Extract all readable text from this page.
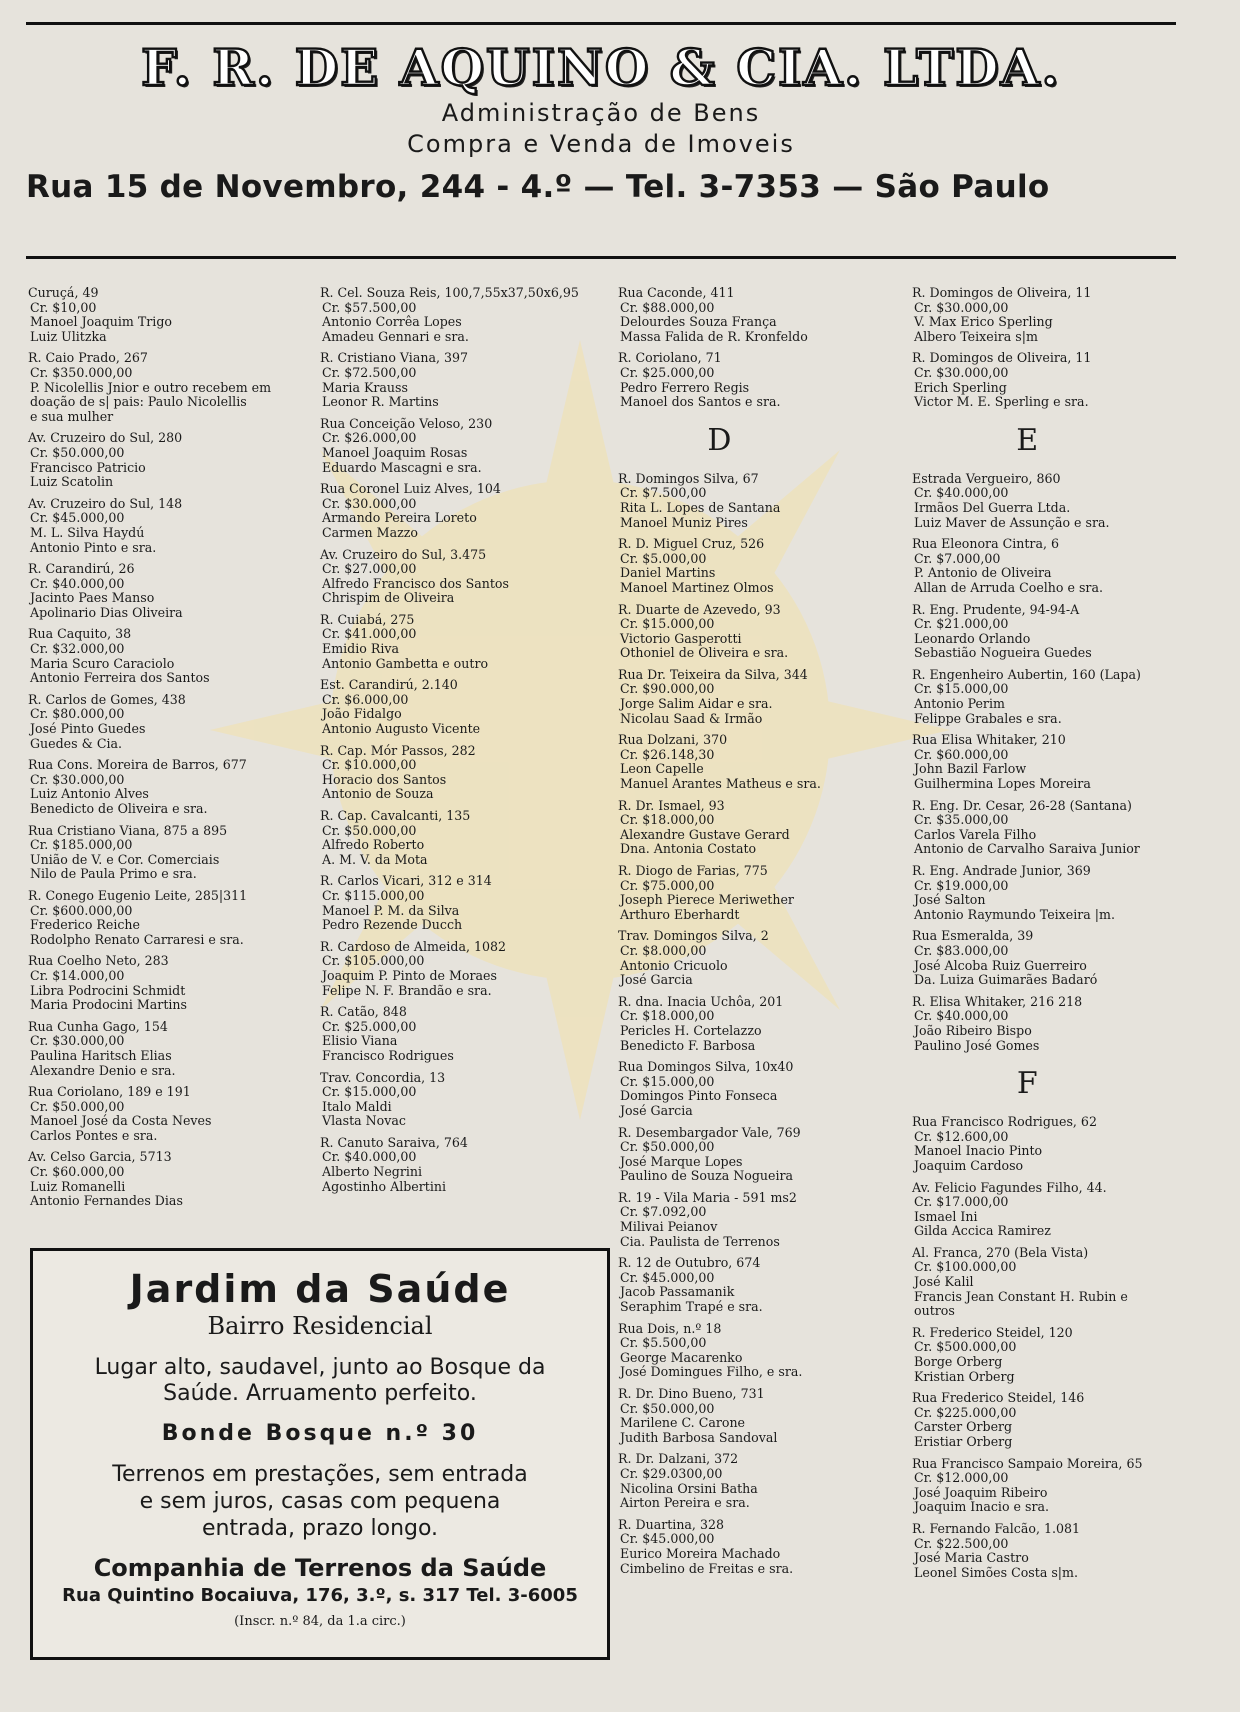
F. R. DE AQUINO & CIA. LTDA.
Administração de Bens
Compra e Venda de Imoveis
Rua 15 de Novembro, 244 - 4.º — Tel. 3-7353 — São Paulo
Curuçá, 49
Cr. $10,00
Manoel Joaquim Trigo
Luiz Ulitzka
R. Caio Prado, 267
Cr. $350.000,00
P. Nicolellis Jnior e outro recebem em
doação de s| pais: Paulo Nicolellis
e sua mulher
Av. Cruzeiro do Sul, 280
Cr. $50.000,00
Francisco Patricio
Luiz Scatolin
Av. Cruzeiro do Sul, 148
Cr. $45.000,00
M. L. Silva Haydú
Antonio Pinto e sra.
R. Carandirú, 26
Cr. $40.000,00
Jacinto Paes Manso
Apolinario Dias Oliveira
Rua Caquito, 38
Cr. $32.000,00
Maria Scuro Caraciolo
Antonio Ferreira dos Santos
R. Carlos de Gomes, 438
Cr. $80.000,00
José Pinto Guedes
Guedes & Cia.
Rua Cons. Moreira de Barros, 677
Cr. $30.000,00
Luiz Antonio Alves
Benedicto de Oliveira e sra.
Rua Cristiano Viana, 875 a 895
Cr. $185.000,00
União de V. e Cor. Comerciais
Nilo de Paula Primo e sra.
R. Conego Eugenio Leite, 285|311
Cr. $600.000,00
Frederico Reiche
Rodolpho Renato Carraresi e sra.
Rua Coelho Neto, 283
Cr. $14.000,00
Libra Podrocini Schmidt
Maria Prodocini Martins
Rua Cunha Gago, 154
Cr. $30.000,00
Paulina Haritsch Elias
Alexandre Denio e sra.
Rua Coriolano, 189 e 191
Cr. $50.000,00
Manoel José da Costa Neves
Carlos Pontes e sra.
Av. Celso Garcia, 5713
Cr. $60.000,00
Luiz Romanelli
Antonio Fernandes Dias
R. Cel. Souza Reis, 100,7,55x37,50x6,95
Cr. $57.500,00
Antonio Corrêa Lopes
Amadeu Gennari e sra.
R. Cristiano Viana, 397
Cr. $72.500,00
Maria Krauss
Leonor R. Martins
Rua Conceição Veloso, 230
Cr. $26.000,00
Manoel Joaquim Rosas
Eduardo Mascagni e sra.
Rua Coronel Luiz Alves, 104
Cr. $30.000,00
Armando Pereira Loreto
Carmen Mazzo
Av. Cruzeiro do Sul, 3.475
Cr. $27.000,00
Alfredo Francisco dos Santos
Chrispim de Oliveira
R. Cuiabá, 275
Cr. $41.000,00
Emidio Riva
Antonio Gambetta e outro
Est. Carandirú, 2.140
Cr. $6.000,00
João Fidalgo
Antonio Augusto Vicente
R. Cap. Mór Passos, 282
Cr. $10.000,00
Horacio dos Santos
Antonio de Souza
R. Cap. Cavalcanti, 135
Cr. $50.000,00
Alfredo Roberto
A. M. V. da Mota
R. Carlos Vicari, 312 e 314
Cr. $115.000,00
Manoel P. M. da Silva
Pedro Rezende Ducch
R. Cardoso de Almeida, 1082
Cr. $105.000,00
Joaquim P. Pinto de Moraes
Felipe N. F. Brandão e sra.
R. Catão, 848
Cr. $25.000,00
Elisio Viana
Francisco Rodrigues
Trav. Concordia, 13
Cr. $15.000,00
Italo Maldi
Vlasta Novac
R. Canuto Saraiva, 764
Cr. $40.000,00
Alberto Negrini
Agostinho Albertini
Rua Caconde, 411
Cr. $88.000,00
Delourdes Souza França
Massa Falida de R. Kronfeldo
R. Coriolano, 71
Cr. $25.000,00
Pedro Ferrero Regis
Manoel dos Santos e sra.
D
R. Domingos Silva, 67
Cr. $7.500,00
Rita L. Lopes de Santana
Manoel Muniz Pires
R. D. Miguel Cruz, 526
Cr. $5.000,00
Daniel Martins
Manoel Martinez Olmos
R. Duarte de Azevedo, 93
Cr. $15.000,00
Victorio Gasperotti
Othoniel de Oliveira e sra.
Rua Dr. Teixeira da Silva, 344
Cr. $90.000,00
Jorge Salim Aidar e sra.
Nicolau Saad & Irmão
Rua Dolzani, 370
Cr. $26.148,30
Leon Capelle
Manuel Arantes Matheus e sra.
R. Dr. Ismael, 93
Cr. $18.000,00
Alexandre Gustave Gerard
Dna. Antonia Costato
R. Diogo de Farias, 775
Cr. $75.000,00
Joseph Pierece Meriwether
Arthuro Eberhardt
Trav. Domingos Silva, 2
Cr. $8.000,00
Antonio Cricuolo
José Garcia
R. dna. Inacia Uchôa, 201
Cr. $18.000,00
Pericles H. Cortelazzo
Benedicto F. Barbosa
Rua Domingos Silva, 10x40
Cr. $15.000,00
Domingos Pinto Fonseca
José Garcia
R. Desembargador Vale, 769
Cr. $50.000,00
José Marque Lopes
Paulino de Souza Nogueira
R. 19 - Vila Maria - 591 ms2
Cr. $7.092,00
Milivai Peianov
Cia. Paulista de Terrenos
R. 12 de Outubro, 674
Cr. $45.000,00
Jacob Passamanik
Seraphim Trapé e sra.
Rua Dois, n.º 18
Cr. $5.500,00
George Macarenko
José Domingues Filho, e sra.
R. Dr. Dino Bueno, 731
Cr. $50.000,00
Marilene C. Carone
Judith Barbosa Sandoval
R. Dr. Dalzani, 372
Cr. $29.0300,00
Nicolina Orsini Batha
Airton Pereira e sra.
R. Duartina, 328
Cr. $45.000,00
Eurico Moreira Machado
Cimbelino de Freitas e sra.
R. Domingos de Oliveira, 11
Cr. $30.000,00
V. Max Erico Sperling
Albero Teixeira s|m
R. Domingos de Oliveira, 11
Cr. $30.000,00
Erich Sperling
Victor M. E. Sperling e sra.
E
Estrada Vergueiro, 860
Cr. $40.000,00
Irmãos Del Guerra Ltda.
Luiz Maver de Assunção e sra.
Rua Eleonora Cintra, 6
Cr. $7.000,00
P. Antonio de Oliveira
Allan de Arruda Coelho e sra.
R. Eng. Prudente, 94-94-A
Cr. $21.000,00
Leonardo Orlando
Sebastião Nogueira Guedes
R. Engenheiro Aubertin, 160 (Lapa)
Cr. $15.000,00
Antonio Perim
Felippe Grabales e sra.
Rua Elisa Whitaker, 210
Cr. $60.000,00
John Bazil Farlow
Guilhermina Lopes Moreira
R. Eng. Dr. Cesar, 26-28 (Santana)
Cr. $35.000,00
Carlos Varela Filho
Antonio de Carvalho Saraiva Junior
R. Eng. Andrade Junior, 369
Cr. $19.000,00
José Salton
Antonio Raymundo Teixeira |m.
Rua Esmeralda, 39
Cr. $83.000,00
José Alcoba Ruiz Guerreiro
Da. Luiza Guimarães Badaró
R. Elisa Whitaker, 216 218
Cr. $40.000,00
João Ribeiro Bispo
Paulino José Gomes
F
Rua Francisco Rodrigues, 62
Cr. $12.600,00
Manoel Inacio Pinto
Joaquim Cardoso
Av. Felicio Fagundes Filho, 44.
Cr. $17.000,00
Ismael Ini
Gilda Accica Ramirez
Al. Franca, 270 (Bela Vista)
Cr. $100.000,00
José Kalil
Francis Jean Constant H. Rubin e
outros
R. Frederico Steidel, 120
Cr. $500.000,00
Borge Orberg
Kristian Orberg
Rua Frederico Steidel, 146
Cr. $225.000,00
Carster Orberg
Eristiar Orberg
Rua Francisco Sampaio Moreira, 65
Cr. $12.000,00
José Joaquim Ribeiro
Joaquim Inacio e sra.
R. Fernando Falcão, 1.081
Cr. $22.500,00
José Maria Castro
Leonel Simões Costa s|m.
Jardim da Saúde
Bairro Residencial
Lugar alto, saudavel, junto ao Bosque da
Saúde. Arruamento perfeito.
Bonde Bosque n.º 30
Terrenos em prestações, sem entrada
e sem juros, casas com pequena
entrada, prazo longo.
Companhia de Terrenos da Saúde
Rua Quintino Bocaiuva, 176, 3.º, s. 317 Tel. 3-6005
(Inscr. n.º 84, da 1.a circ.)
